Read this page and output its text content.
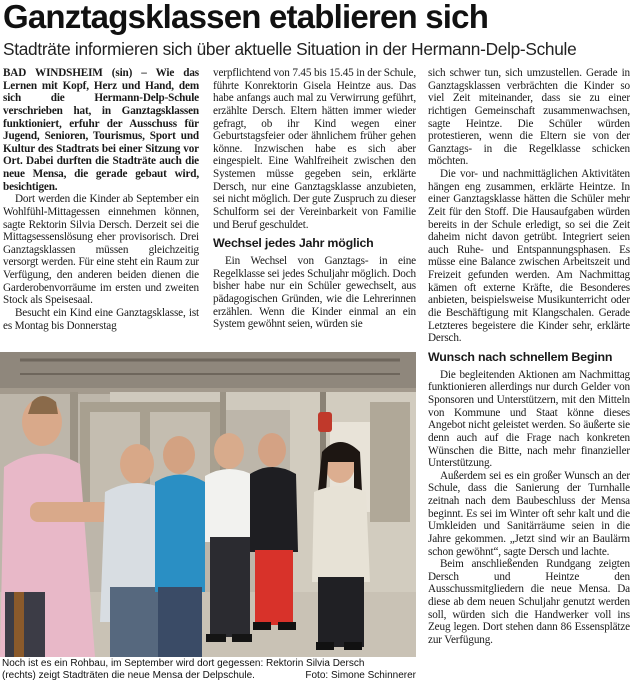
Ganztagsklassen etablieren sich
Stadträte informieren sich über aktuelle Situation in der Hermann-Delp-Schule

BAD WINDSHEIM (sin) – Wie das Lernen mit Kopf, Herz und Hand, dem sich die Hermann-Delp-Schule verschrieben hat, in Ganztagsklassen funktioniert, erfuhr der Ausschuss für Jugend, Senioren, Tourismus, Sport und Kultur des Stadtrats bei einer Sitzung vor Ort. Dabei durften die Stadträte auch die neue Mensa, die gerade gebaut wird, besichtigen.

Dort werden die Kinder ab September ein Wohlfühl-Mittagessen einnehmen können, sagte Rektorin Silvia Dersch. Derzeit sei die Mittagsessenslösung eher provisorisch. Drei Ganztagsklassen müssen gleichzeitig versorgt werden. Für eine steht ein Raum zur Verfügung, den anderen beiden dienen die Garderobenvorräume im ersten und zweiten Stock als Speisesaal.

Besucht ein Kind eine Ganztagsklasse, ist es Montag bis Donnerstag

verpflichtend von 7.45 bis 15.45 in der Schule, führte Konrektorin Gisela Heintze aus. Das habe anfangs auch mal zu Verwirrung geführt, erzählte Dersch. Eltern hätten immer wieder gefragt, ob ihr Kind wegen einer Geburtstagsfeier oder ähnlichem früher gehen könne. Inzwischen habe es sich aber eingespielt. Eine Wahlfreiheit zwischen den Systemen müsse gegeben sein, erklärte Dersch, nur eine Ganztagsklasse anzubieten, sei nicht möglich. Der gute Zuspruch zu dieser Schulform sei der Vereinbarkeit von Familie und Beruf geschuldet.

Wechsel jedes Jahr möglich

Ein Wechsel von Ganztags- in eine Regelklasse sei jedes Schuljahr möglich. Doch bisher habe nur ein Schüler gewechselt, aus pädagogischen Gründen, wie die Lehrerinnen erzählen. Wenn die Kinder einmal an ein System gewöhnt seien, würden sie

sich schwer tun, sich umzustellen. Gerade in Ganztagsklassen verbrächten die Kinder so viel Zeit miteinander, dass sie zu einer richtigen Gemeinschaft zusammenwachsen, sagte Heintze. Die Schüler würden protestieren, wenn die Eltern sie von der Ganztags- in die Regelklasse schicken möchten.

Die vor- und nachmittäglichen Aktivitäten hängen eng zusammen, erklärte Heintze. In einer Ganztagsklasse hätten die Schüler mehr Zeit für den Stoff. Die Hausaufgaben würden bereits in der Schule erledigt, so sei die Zeit daheim nicht davon getrübt. Integriert seien auch Ruhe- und Entspannungsphasen. Es müsse eine Balance zwischen Arbeitszeit und Freizeit gefunden werden. Am Nachmittag kämen oft externe Kräfte, die Besonderes anbieten, beispielsweise Musikunterricht oder die Beschäftigung mit Klangschalen. Gerade Letzteres begeistere die Kinder sehr, erklärte Dersch.

Wunsch nach schnellem Beginn

Die begleitenden Aktionen am Nachmittag funktionieren allerdings nur durch Gelder von Sponsoren und Unterstützern, mit den Mitteln von Kommune und Staat könne dieses Angebot nicht geleistet werden. So äußerte sie denn auch auf die Frage nach konkreten Wünschen die Bitte, nach mehr finanzieller Unterstützung.

Außerdem sei es ein großer Wunsch an der Schule, dass die Sanierung der Turnhalle zeitnah nach dem Baubeschluss der Mensa beginnt. Es sei im Winter oft sehr kalt und die Umkleiden und Sanitärräume seien in die Jahre gekommen. „Jetzt sind wir an Baulärm schon gewöhnt“, sagte Dersch und lachte.

Beim anschließenden Rundgang zeigten Dersch und Heintze den Ausschussmitgliedern die neue Mensa. Da diese ab dem neuen Schuljahr genutzt werden soll, würden sich die Handwerker voll ins Zeug legen. Dort stehen dann 86 Essensplätze zur Verfügung.

Noch ist es ein Rohbau, im September wird dort gegessen: Rektorin Silvia Dersch
(rechts) zeigt Stadträten die neue Mensa der Delpschule.	Foto: Simone Schinnerer
